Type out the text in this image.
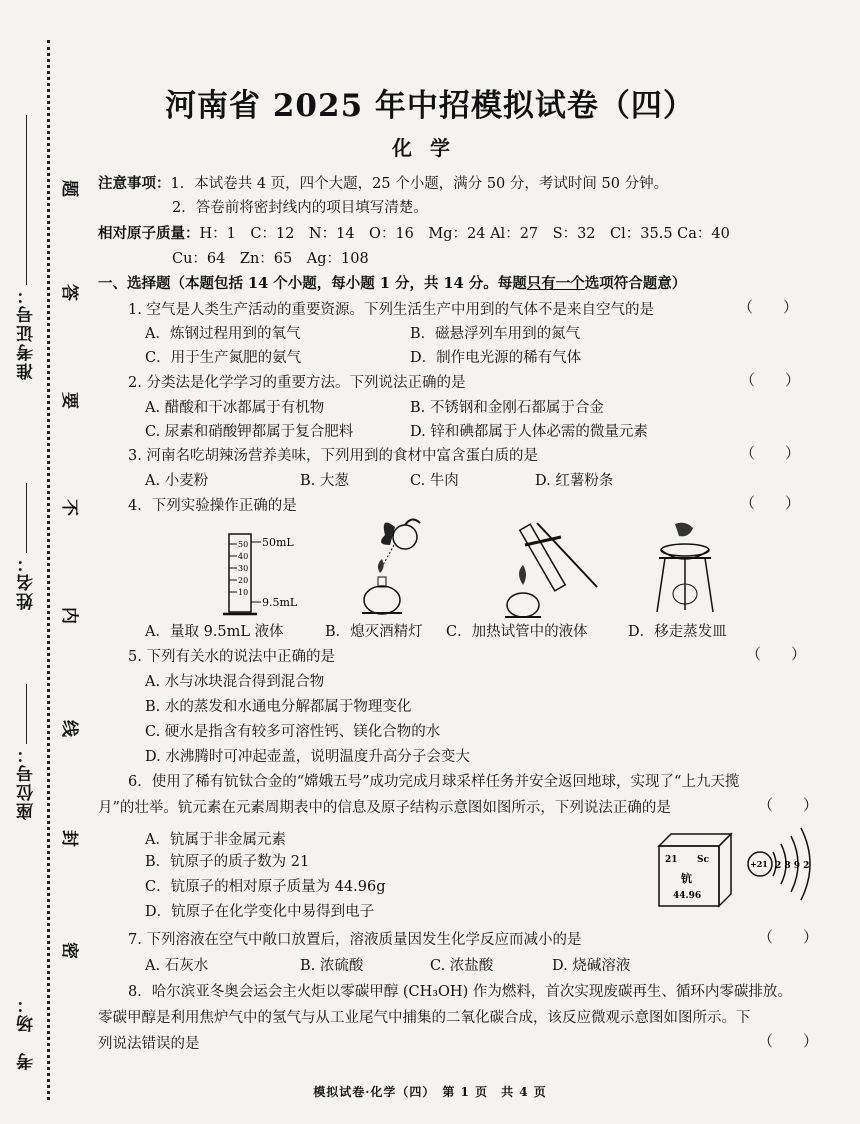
考　场：
座位号：
姓名：
准考证号：
题
答
要
不
内
线
封
密
河南省 2025 年中招模拟试卷（四）
化学
注意事项：1．本试卷共 4 页，四个大题，25 个小题，满分 50 分，考试时间 50 分钟。
2．答卷前将密封线内的项目填写清楚。
相对原子质量：H：1　C：12　N：14　O：16　Mg：24 Al：27　S：32　Cl：35.5 Ca：40
Cu：64　Zn：65　Ag：108
一、选择题（本题包括 14 个小题，每小题 1 分，共 14 分。每题只有一个选项符合题意）
1. 空气是人类生产活动的重要资源。下列生活生产中用到的气体不是来自空气的是	（　　）
A．炼钢过程用到的氧气	B．磁悬浮列车用到的氮气
C．用于生产氮肥的氨气	D．制作电光源的稀有气体
2. 分类法是化学学习的重要方法。下列说法正确的是	（　　）
A. 醋酸和干冰都属于有机物	B. 不锈钢和金刚石都属于合金
C. 尿素和硝酸钾都属于复合肥料	D. 锌和碘都属于人体必需的微量元素
3. 河南名吃胡辣汤营养美味，下列用到的食材中富含蛋白质的是	（　　）
A. 小麦粉	B. 大葱	C. 牛肉	D. 红薯粉条
4．下列实验操作正确的是	（　　）
50
40
30
20
10
50mL
9.5mL
A．量取 9.5mL 液体	B．熄灭酒精灯 C．加热试管中的液体	D．移走蒸发皿
5. 下列有关水的说法中正确的是	（　　）
A. 水与冰块混合得到混合物
B. 水的蒸发和水通电分解都属于物理变化
C. 硬水是指含有较多可溶性钙、镁化合物的水
D. 水沸腾时可冲起壶盖，说明温度升高分子会变大
6．使用了稀有钪钛合金的“嫦娥五号”成功完成月球采样任务并安全返回地球，实现了“上九天揽
月”的壮举。钪元素在元素周期表中的信息及原子结构示意图如图所示，下列说法正确的是	（　　）
A．钪属于非金属元素
B．钪原子的质子数为 21
C．钪原子的相对原子质量为 44.96g
D．钪原子在化学变化中易得到电子
21 Sc
钪
44.96
+21 2 8 9 2
7. 下列溶液在空气中敞口放置后，溶液质量因发生化学反应而减小的是	（　　）
A. 石灰水	B. 浓硫酸	C. 浓盐酸	D. 烧碱溶液
8．哈尔滨亚冬奥会运会主火炬以零碳甲醇 (CH₃OH) 作为燃料，首次实现废碳再生、循环内零碳排放。
零碳甲醇是利用焦炉气中的氢气与从工业尾气中捕集的二氧化碳合成，该反应微观示意图如图所示。下
列说法错误的是	（　　）
模拟试卷·化学（四）　第 1 页　共 4 页
